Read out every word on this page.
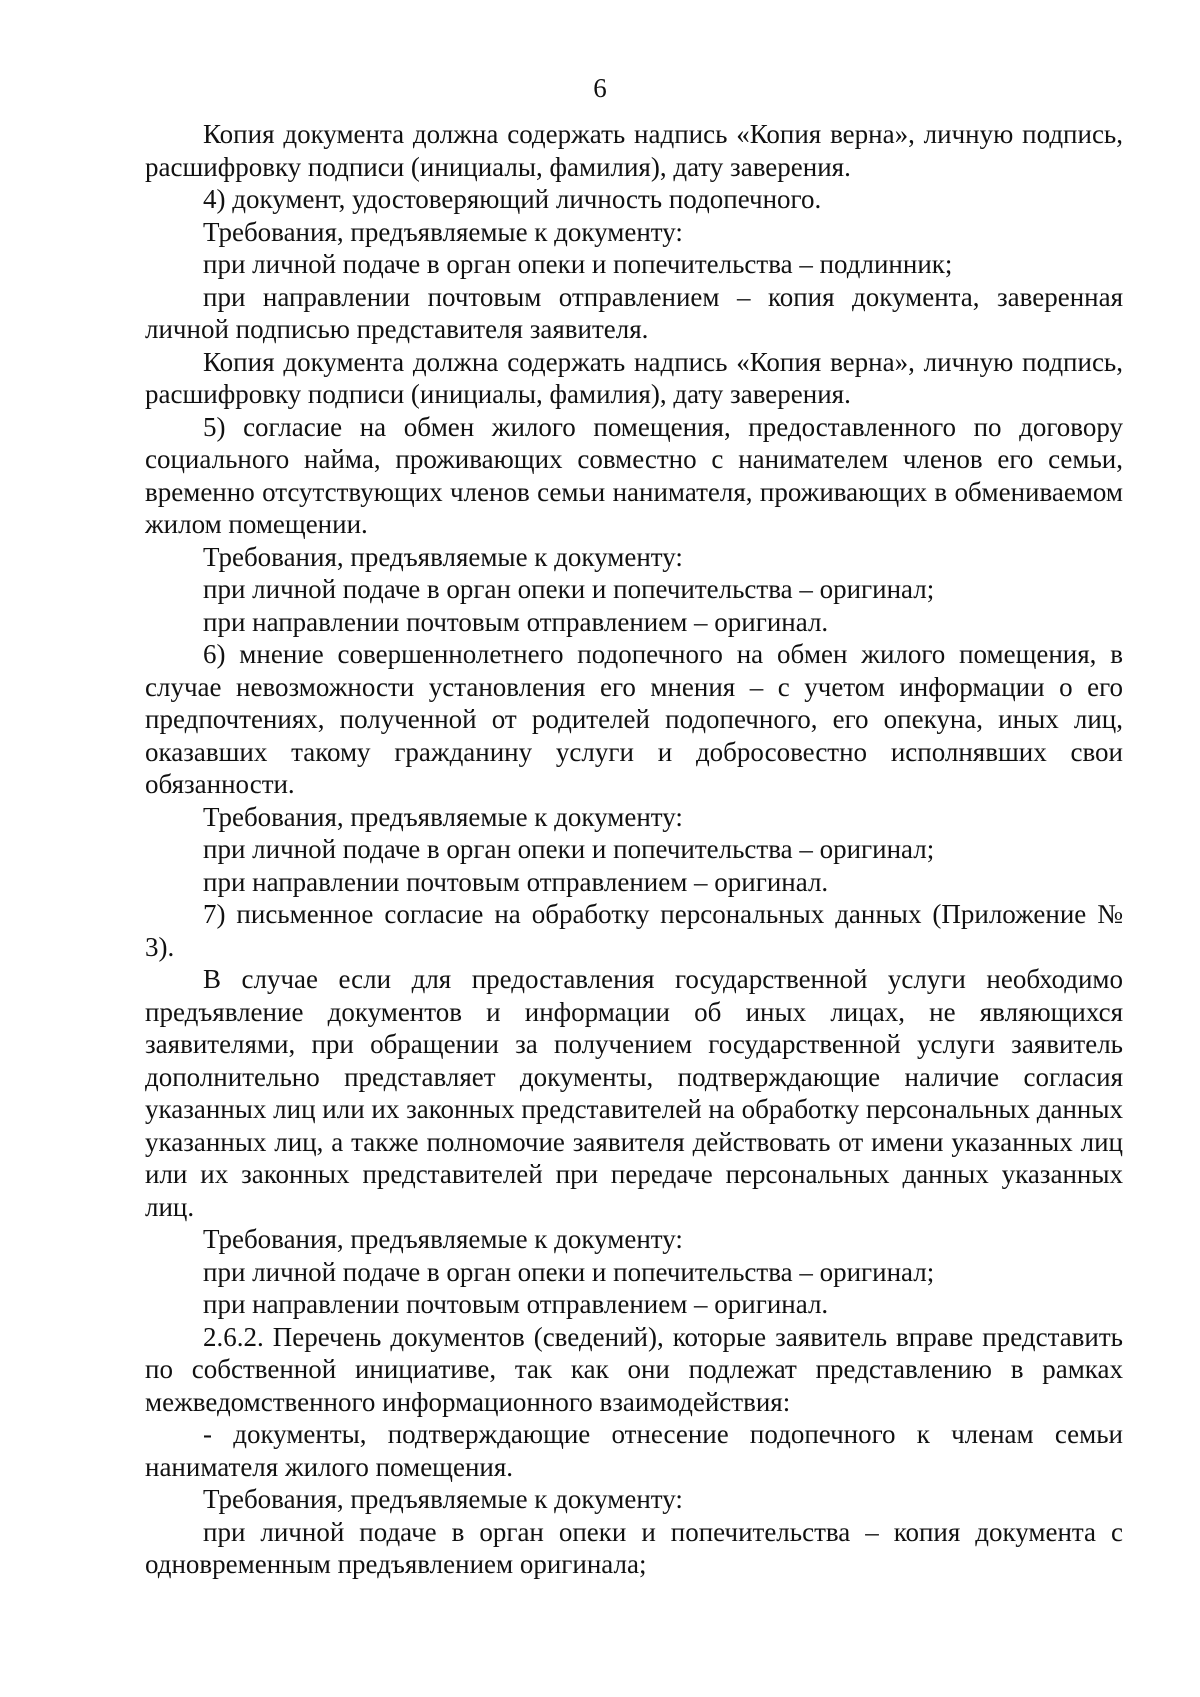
6

Копия документа должна содержать надпись «Копия верна», личную подпись, расшифровку подписи (инициалы, фамилия), дату заверения.

4) документ, удостоверяющий личность подопечного.

Требования, предъявляемые к документу:

при личной подаче в орган опеки и попечительства – подлинник;

при направлении почтовым отправлением – копия документа, заверенная личной подписью представителя заявителя.

Копия документа должна содержать надпись «Копия верна», личную подпись, расшифровку подписи (инициалы, фамилия), дату заверения.

5) согласие на обмен жилого помещения, предоставленного по договору социального найма, проживающих совместно с нанимателем членов его семьи, временно отсутствующих членов семьи нанимателя, проживающих в обмениваемом жилом помещении.

Требования, предъявляемые к документу:

при личной подаче в орган опеки и попечительства – оригинал;

при направлении почтовым отправлением – оригинал.

6) мнение совершеннолетнего подопечного на обмен жилого помещения, в случае невозможности установления его мнения – с учетом информации о его предпочтениях, полученной от родителей подопечного, его опекуна, иных лиц, оказавших такому гражданину услуги и добросовестно исполнявших свои обязанности.

Требования, предъявляемые к документу:

при личной подаче в орган опеки и попечительства – оригинал;

при направлении почтовым отправлением – оригинал.

7) письменное согласие на обработку персональных данных (Приложение № 3).

В случае если для предоставления государственной услуги необходимо предъявление документов и информации об иных лицах, не являющихся заявителями, при обращении за получением государственной услуги заявитель дополнительно представляет документы, подтверждающие наличие согласия указанных лиц или их законных представителей на обработку персональных данных указанных лиц, а также полномочие заявителя действовать от имени указанных лиц или их законных представителей при передаче персональных данных указанных лиц.

Требования, предъявляемые к документу:

при личной подаче в орган опеки и попечительства – оригинал;

при направлении почтовым отправлением – оригинал.

2.6.2. Перечень документов (сведений), которые заявитель вправе представить по собственной инициативе, так как они подлежат представлению в рамках межведомственного информационного взаимодействия:

- документы, подтверждающие отнесение подопечного к членам семьи нанимателя жилого помещения.

Требования, предъявляемые к документу:

при личной подаче в орган опеки и попечительства – копия документа с одновременным предъявлением оригинала;
